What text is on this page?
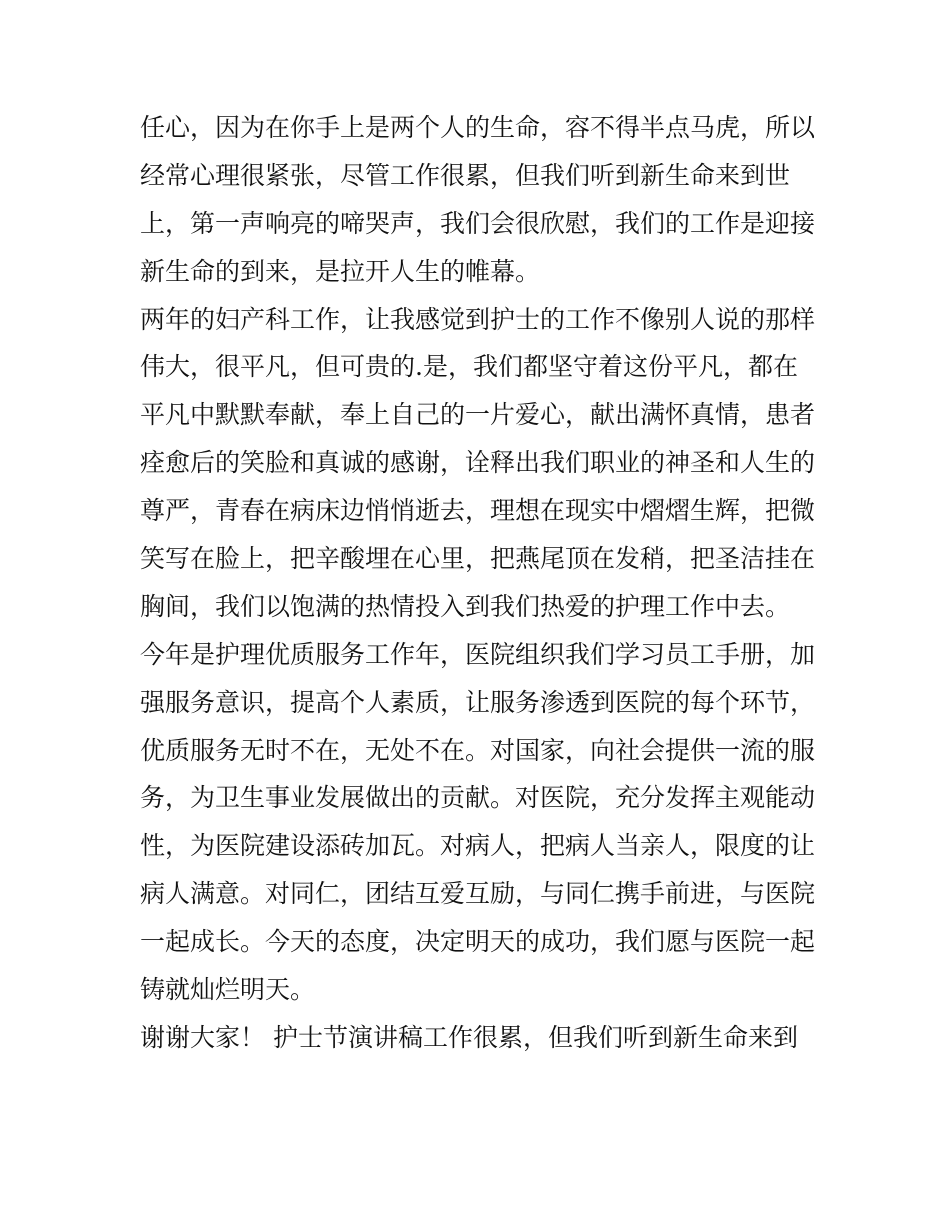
任心，因为在你手上是两个人的生命，容不得半点马虎，所以

经常心理很紧张，尽管工作很累，但我们听到新生命来到世

上，第一声响亮的啼哭声，我们会很欣慰，我们的工作是迎接

新生命的到来，是拉开人生的帷幕。

两年的妇产科工作，让我感觉到护士的工作不像别人说的那样

伟大，很平凡，但可贵的.是，我们都坚守着这份平凡，都在

平凡中默默奉献，奉上自己的一片爱心，献出满怀真情，患者

痊愈后的笑脸和真诚的感谢，诠释出我们职业的神圣和人生的

尊严，青春在病床边悄悄逝去，理想在现实中熠熠生辉，把微

笑写在脸上，把辛酸埋在心里，把燕尾顶在发稍，把圣洁挂在

胸间，我们以饱满的热情投入到我们热爱的护理工作中去。

今年是护理优质服务工作年，医院组织我们学习员工手册，加

强服务意识，提高个人素质，让服务渗透到医院的每个环节，

优质服务无时不在，无处不在。对国家，向社会提供一流的服

务，为卫生事业发展做出的贡献。对医院，充分发挥主观能动

性，为医院建设添砖加瓦。对病人，把病人当亲人，限度的让

病人满意。对同仁，团结互爱互励，与同仁携手前进，与医院

一起成长。今天的态度，决定明天的成功，我们愿与医院一起

铸就灿烂明天。

谢谢大家！ 护士节演讲稿工作很累，但我们听到新生命来到
